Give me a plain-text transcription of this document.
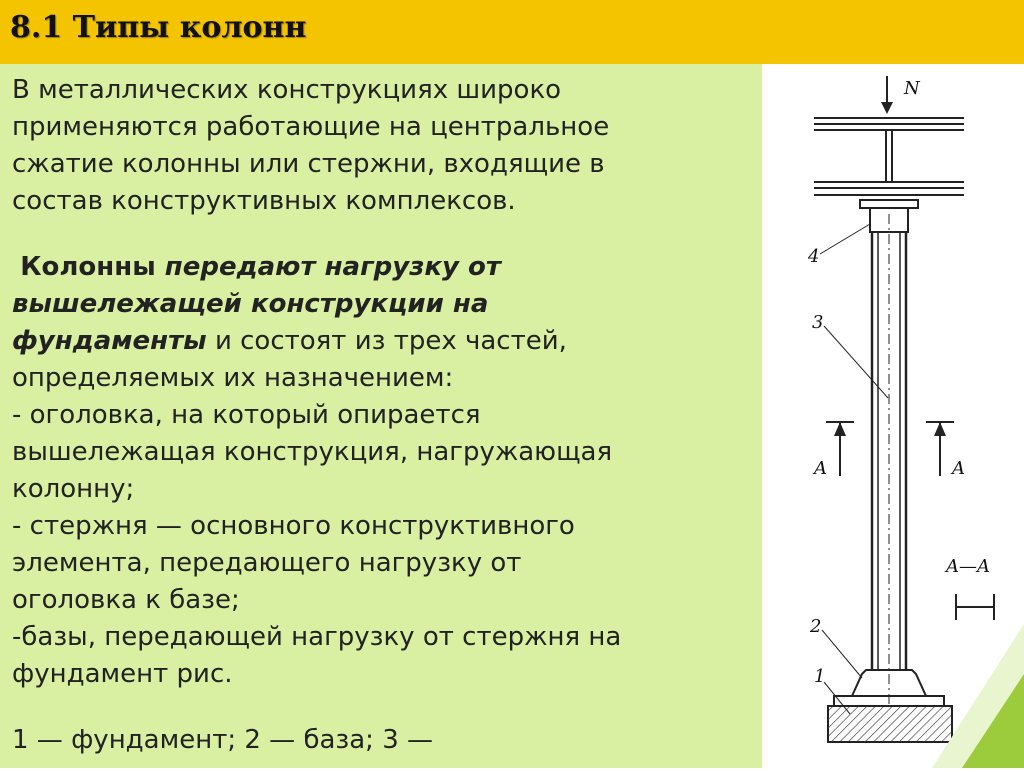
8.1 Типы колонн

В металлических конструкциях широко

применяются работающие на центральное

сжатие колонны или стержни, входящие в

состав конструктивных комплексов.

Колонны передают нагрузку от

вышележащей конструкции на

фундаменты и состоят из трех частей,

определяемых их назначением:

- оголовка, на который опирается

вышележащая конструкция, нагружающая

колонну;

- стержня — основного конструктивного

элемента, передающего нагрузку от

оголовка к базе;

-базы, передающей нагрузку от стержня на

фундамент рис.

1 — фундамент; 2 — база; 3 —

N
4
3
2
1
A	A
A—A
